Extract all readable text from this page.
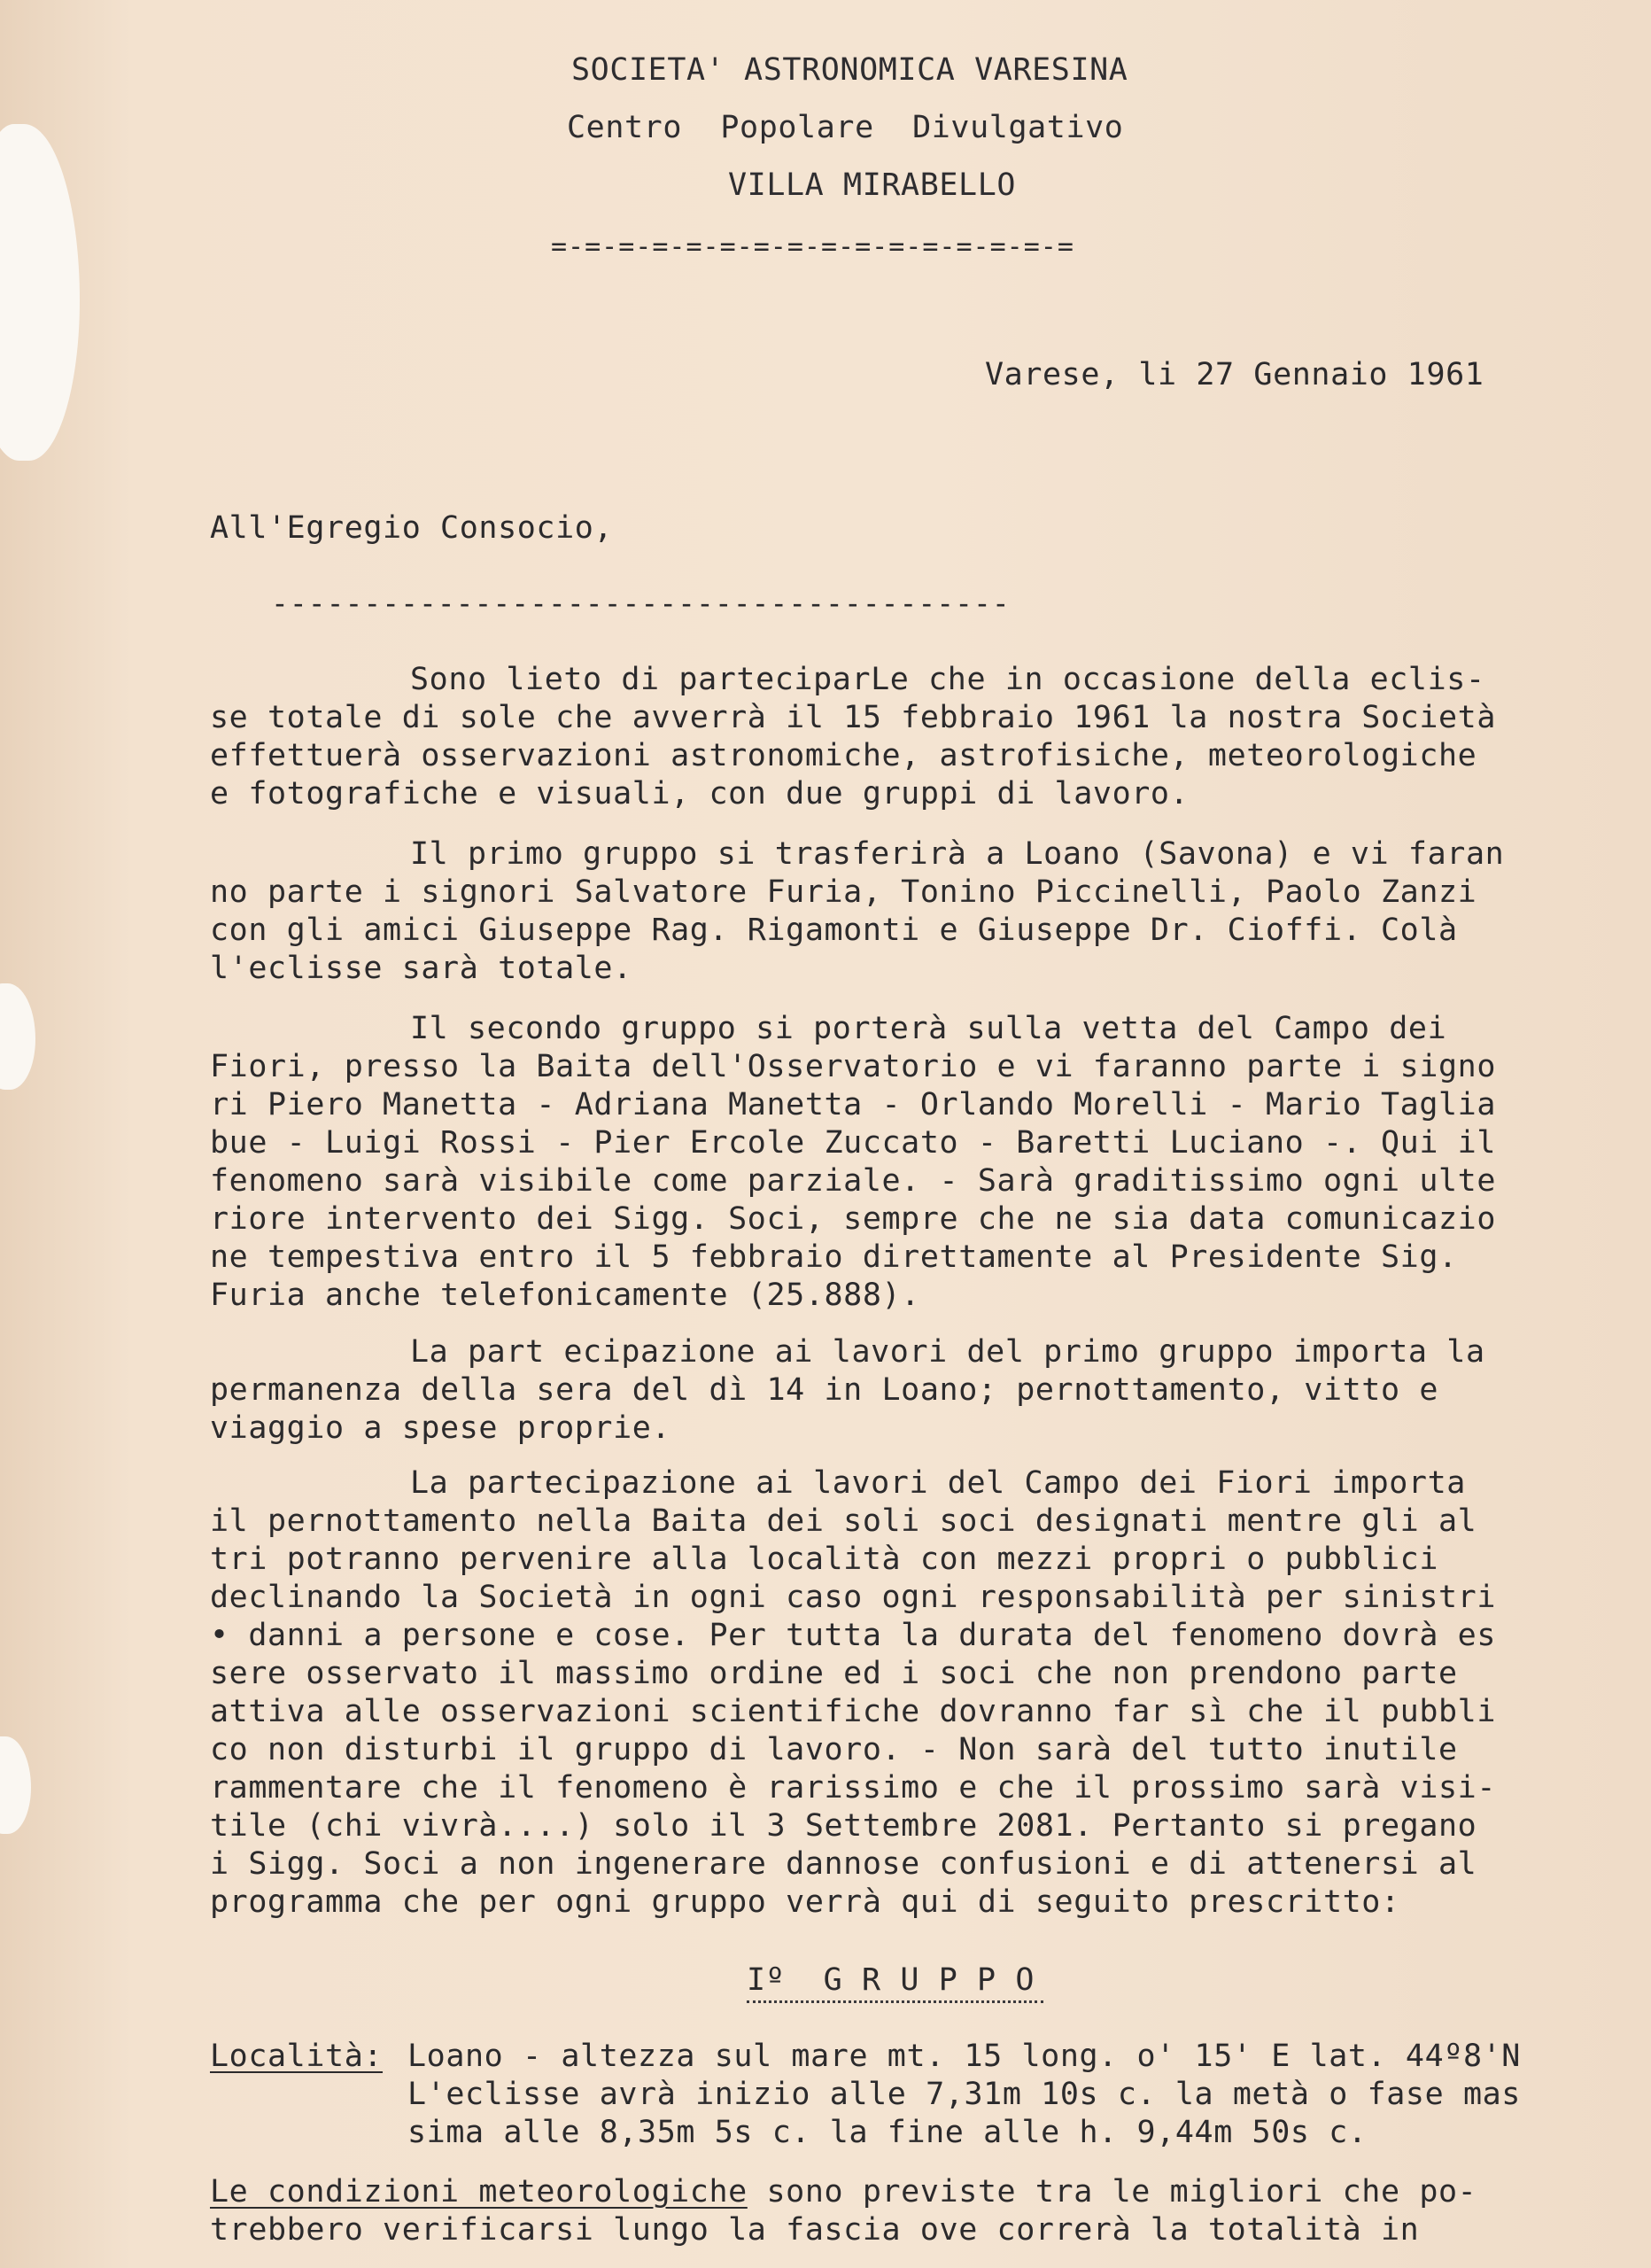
SOCIETA' ASTRONOMICA VARESINA
Centro  Popolare  Divulgativo
VILLA MIRABELLO
=-=-=-=-=-=-=-=-=-=-=-=-=-=-=-=
Varese, li 27 Gennaio 1961
All'Egregio Consocio,
----------------------------------------
Sono lieto di parteciparLe che in occasione della eclis-
se totale di sole che avverrà il 15 febbraio 1961 la nostra Società
effettuerà osservazioni astronomiche, astrofisiche, meteorologiche
e fotografiche e visuali, con due gruppi di lavoro.
Il primo gruppo si trasferirà a Loano (Savona) e vi faran
no parte i signori Salvatore Furia, Tonino Piccinelli, Paolo Zanzi
con gli amici Giuseppe Rag. Rigamonti e Giuseppe Dr. Cioffi. Colà
l'eclisse sarà totale.
Il secondo gruppo si porterà sulla vetta del Campo dei
Fiori, presso la Baita dell'Osservatorio e vi faranno parte i signo
ri Piero Manetta - Adriana Manetta - Orlando Morelli - Mario Taglia
bue - Luigi Rossi - Pier Ercole Zuccato - Baretti Luciano -. Qui il
fenomeno sarà visibile come parziale. - Sarà graditissimo ogni ulte
riore intervento dei Sigg. Soci, sempre che ne sia data comunicazio
ne tempestiva entro il 5 febbraio direttamente al Presidente Sig.
Furia anche telefonicamente (25.888).
La part ecipazione ai lavori del primo gruppo importa la
permanenza della sera del dì 14 in Loano; pernottamento, vitto e
viaggio a spese proprie.
La partecipazione ai lavori del Campo dei Fiori importa
il pernottamento nella Baita dei soli soci designati mentre gli al
tri potranno pervenire alla località con mezzi propri o pubblici
declinando la Società in ogni caso ogni responsabilità per sinistri
• danni a persone e cose. Per tutta la durata del fenomeno dovrà es
sere osservato il massimo ordine ed i soci che non prendono parte
attiva alle osservazioni scientifiche dovranno far sì che il pubbli
co non disturbi il gruppo di lavoro. - Non sarà del tutto inutile
rammentare che il fenomeno è rarissimo e che il prossimo sarà visi-
tile (chi vivrà....) solo il 3 Settembre 2081. Pertanto si pregano
i Sigg. Soci a non ingenerare dannose confusioni e di attenersi al
programma che per ogni gruppo verrà qui di seguito prescritto:
Iº  G R U P P O
Località: Loano - altezza sul mare mt. 15 long. o' 15' E lat. 44º8'N
L'eclisse avrà inizio alle 7,31m 10s c. la metà o fase mas
sima alle 8,35m 5s c. la fine alle h. 9,44m 50s c.
Le condizioni meteorologiche sono previste tra le migliori che po-
trebbero verificarsi lungo la fascia ove correrà la totalità in
